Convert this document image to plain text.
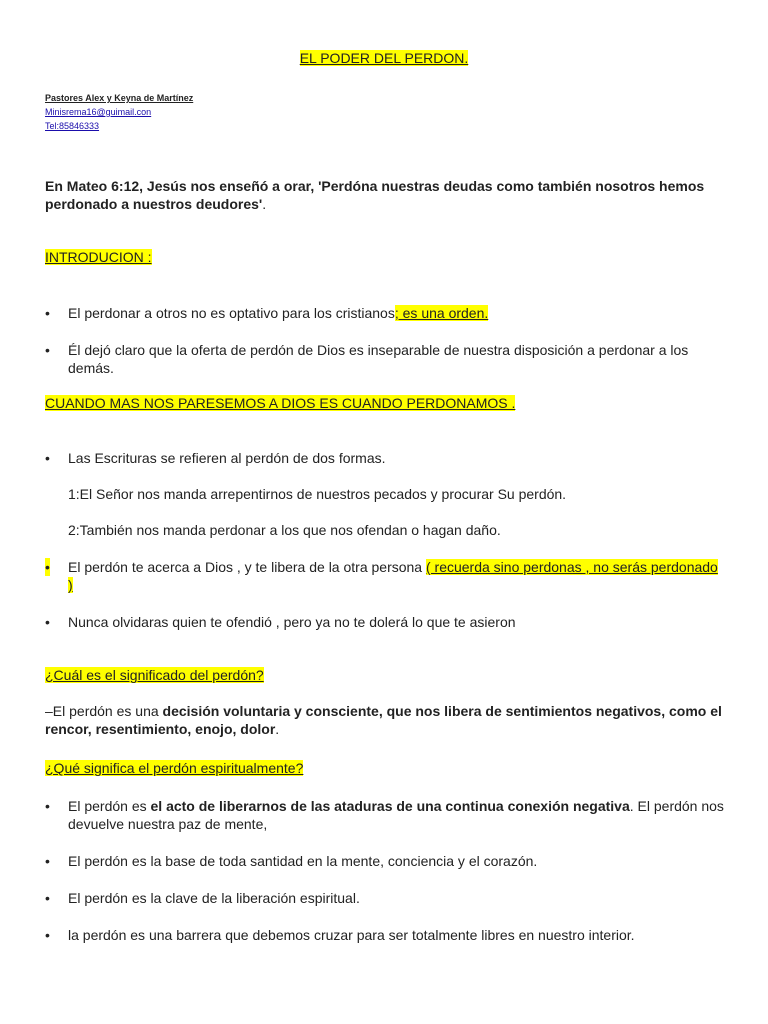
EL PODER DEL PERDON.
Pastores Alex y Keyna de Martínez
Minisrema16@guimail.con
Tel:85846333
En Mateo 6:12, Jesús nos enseñó a orar, 'Perdóna nuestras deudas como también nosotros hemos perdonado a nuestros deudores'.
INTRODUCION :
• El perdonar a otros no es optativo para los cristianos; es una orden.
• Él dejó claro que la oferta de perdón de Dios es inseparable de nuestra disposición a perdonar a los demás.
CUANDO MAS NOS PARESEMOS A DIOS ES CUANDO PERDONAMOS .
• Las Escrituras se refieren al perdón de dos formas.
1:El Señor nos manda arrepentirnos de nuestros pecados y procurar Su perdón.
2:También nos manda perdonar a los que nos ofendan o hagan daño.
• El perdón te acerca a Dios , y te libera de la otra persona ( recuerda sino perdonas , no serás perdonado )
• Nunca olvidaras quien te ofendió , pero ya no te dolerá lo que te asieron
¿Cuál es el significado del perdón?
–El perdón es una decisión voluntaria y consciente, que nos libera de sentimientos negativos, como el rencor, resentimiento, enojo, dolor.
¿Qué significa el perdón espiritualmente?
• El perdón es el acto de liberarnos de las ataduras de una continua conexión negativa. El perdón nos devuelve nuestra paz de mente,
• El perdón es la base de toda santidad en la mente, conciencia y el corazón.
• El perdón es la clave de la liberación espiritual.
• la perdón es una barrera que debemos cruzar para ser totalmente libres en nuestro interior.
